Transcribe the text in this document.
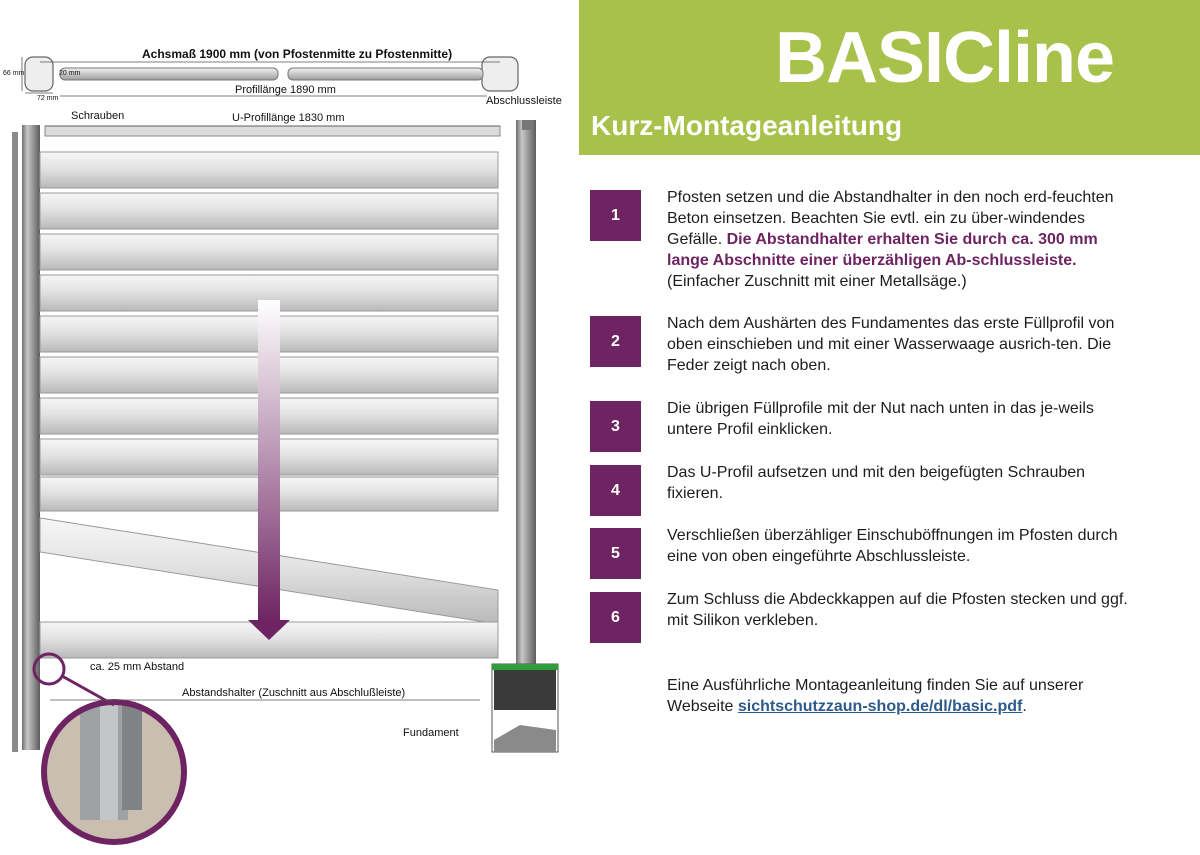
Achsmaß 1900 mm (von Pfostenmitte zu Pfostenmitte)
66 mm
72 mm
20 mm
Profillänge 1890 mm
Abschlussleiste
Schrauben	U-Profillänge 1830 mm
ca. 25 mm Abstand
Abstandshalter (Zuschnitt aus Abschlußleiste)
Fundament
BASICline
Kurz-Montageanleitung
1
Pfosten setzen und die Abstandhalter in den noch erd-feuchten Beton einsetzen. Beachten Sie evtl. ein zu über-windendes Gefälle. Die Abstandhalter erhalten Sie durch ca. 300 mm lange Abschnitte einer überzähligen Ab-schlussleiste. (Einfacher Zuschnitt mit einer Metallsäge.)
2
Nach dem Aushärten des Fundamentes das erste Füllprofil von oben einschieben und mit einer Wasserwaage ausrich-ten. Die Feder zeigt nach oben.
3
Die übrigen Füllprofile mit der Nut nach unten in das je-weils untere Profil einklicken.
4
Das U-Profil aufsetzen und mit den beigefügten Schrauben fixieren.
5
Verschließen überzähliger Einschuböffnungen im Pfosten durch eine von oben eingeführte Abschlussleiste.
6
Zum Schluss die Abdeckkappen auf die Pfosten stecken und ggf. mit Silikon verkleben.
Eine Ausführliche Montageanleitung finden Sie auf unserer Webseite sichtschutzzaun-shop.de/dl/basic.pdf.
